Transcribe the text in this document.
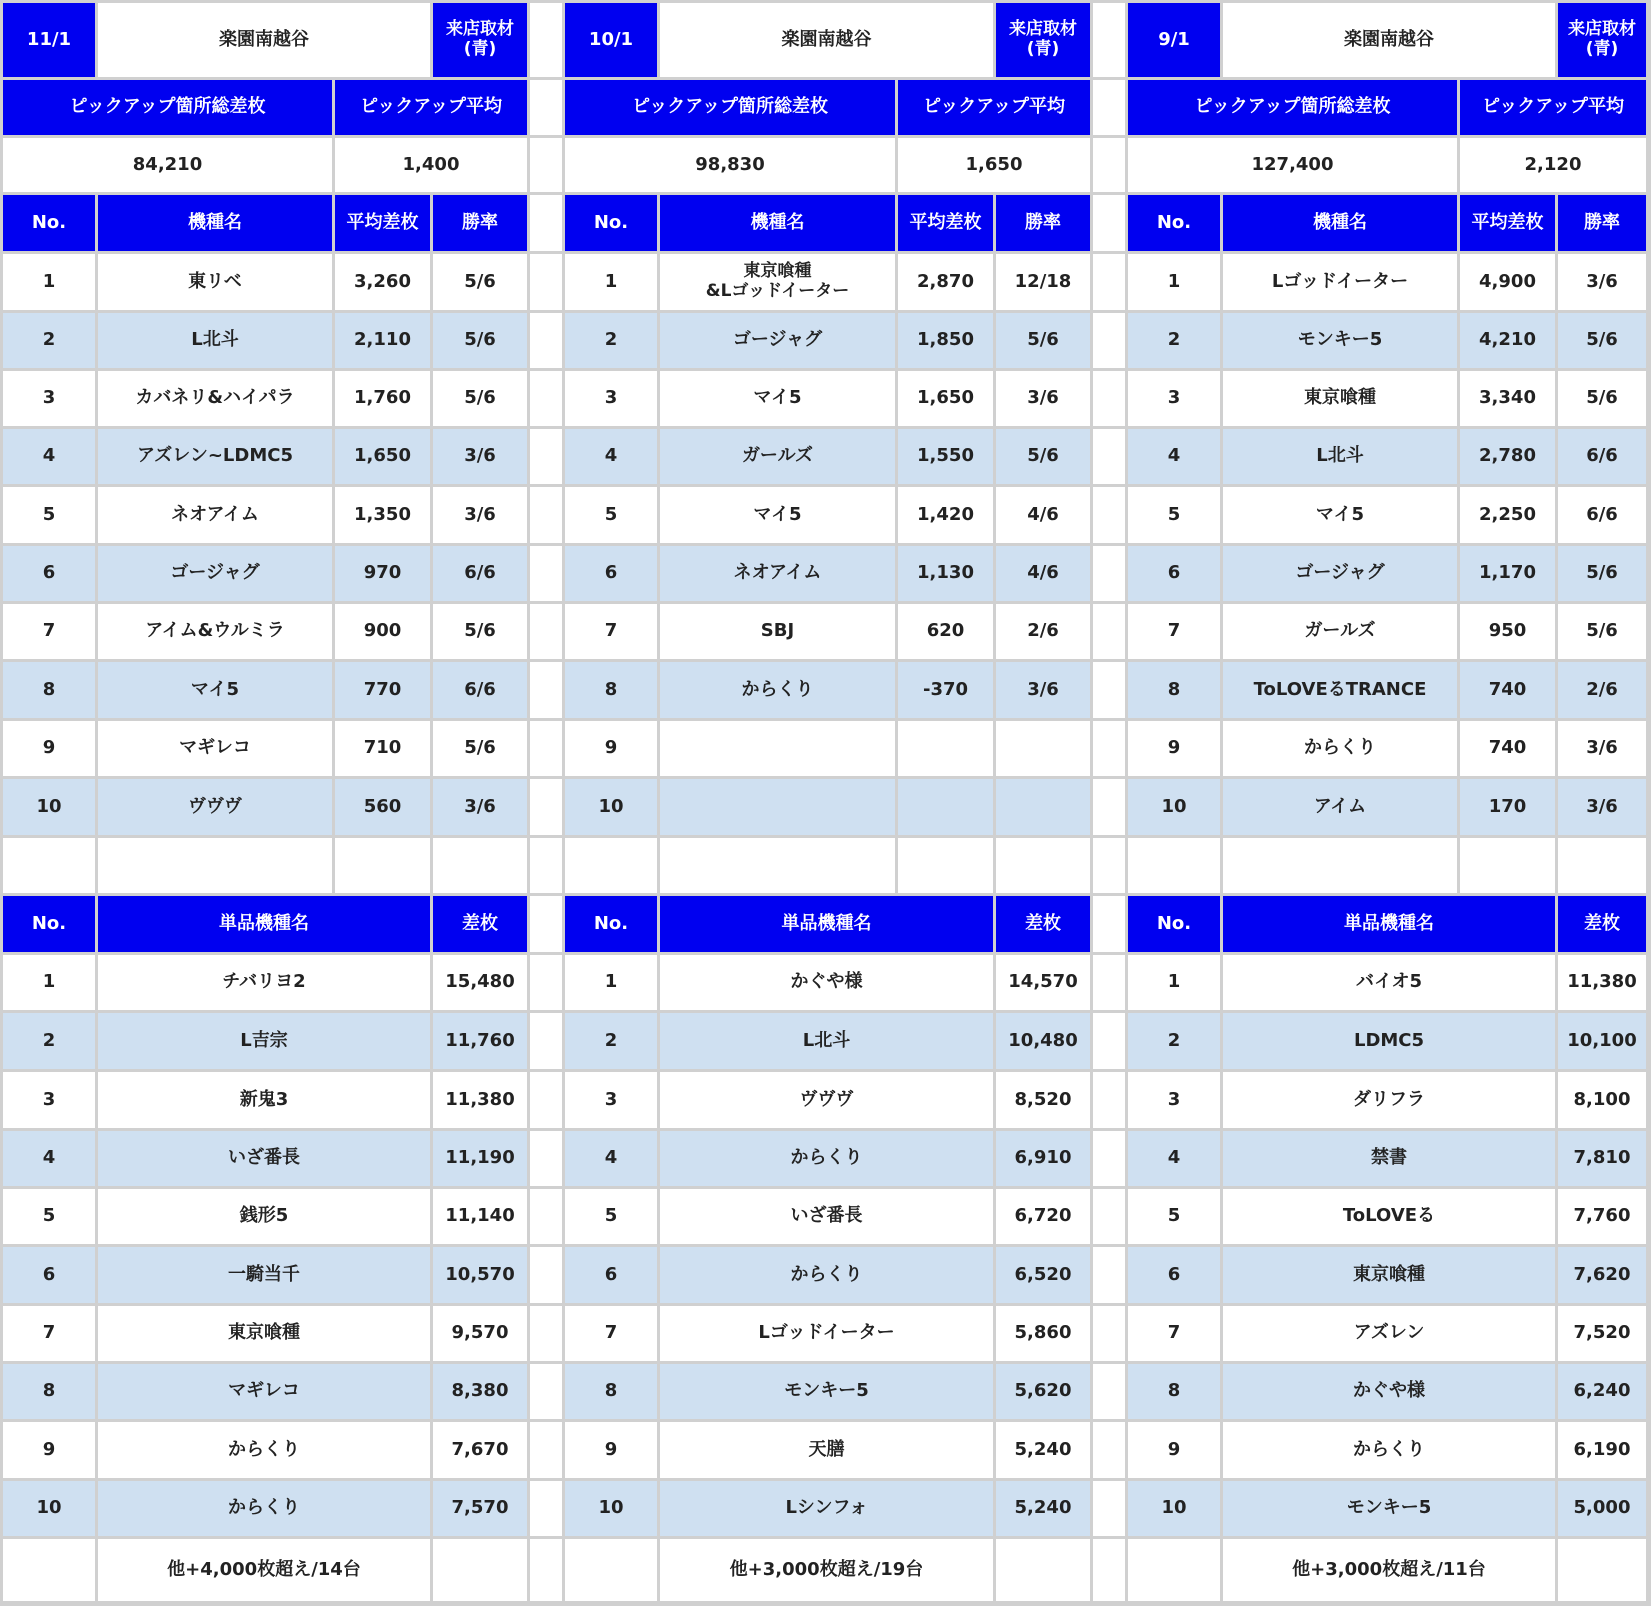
11/1	楽園南越谷	来店取材
(青)
ピックアップ箇所総差枚	ピックアップ平均
84,210	1,400
No.	機種名	平均差枚	勝率
1	東リベ	3,260	5/6
2	L北斗	2,110	5/6
3	カバネリ&ハイパラ	1,760	5/6
4	アズレン~LDMC5	1,650	3/6
5	ネオアイム	1,350	3/6
6	ゴージャグ	970	6/6
7	アイム&ウルミラ	900	5/6
8	マイ5	770	6/6
9	マギレコ	710	5/6
10	ヴヴヴ	560	3/6
No.	単品機種名	差枚
1	チバリヨ2	15,480
2	L吉宗	11,760
3	新鬼3	11,380
4	いざ番長	11,190
5	銭形5	11,140
6	一騎当千	10,570
7	東京喰種	9,570
8	マギレコ	8,380
9	からくり	7,670
10	からくり	7,570
他+4,000枚超え/14台
10/1	楽園南越谷	来店取材
(青)
ピックアップ箇所総差枚	ピックアップ平均
98,830	1,650
No.	機種名	平均差枚	勝率
1	東京喰種
&Lゴッドイーター	2,870	12/18
2	ゴージャグ	1,850	5/6
3	マイ5	1,650	3/6
4	ガールズ	1,550	5/6
5	マイ5	1,420	4/6
6	ネオアイム	1,130	4/6
7	SBJ	620	2/6
8	からくり	-370	3/6
9
10
No.	単品機種名	差枚
1	かぐや様	14,570
2	L北斗	10,480
3	ヴヴヴ	8,520
4	からくり	6,910
5	いざ番長	6,720
6	からくり	6,520
7	Lゴッドイーター	5,860
8	モンキー5	5,620
9	天膳	5,240
10	Lシンフォ	5,240
他+3,000枚超え/19台
9/1	楽園南越谷	来店取材
(青)
ピックアップ箇所総差枚	ピックアップ平均
127,400	2,120
No.	機種名	平均差枚	勝率
1	Lゴッドイーター	4,900	3/6
2	モンキー5	4,210	5/6
3	東京喰種	3,340	5/6
4	L北斗	2,780	6/6
5	マイ5	2,250	6/6
6	ゴージャグ	1,170	5/6
7	ガールズ	950	5/6
8	ToLOVEるTRANCE	740	2/6
9	からくり	740	3/6
10	アイム	170	3/6
No.	単品機種名	差枚
1	バイオ5	11,380
2	LDMC5	10,100
3	ダリフラ	8,100
4	禁書	7,810
5	ToLOVEる	7,760
6	東京喰種	7,620
7	アズレン	7,520
8	かぐや様	6,240
9	からくり	6,190
10	モンキー5	5,000
他+3,000枚超え/11台
